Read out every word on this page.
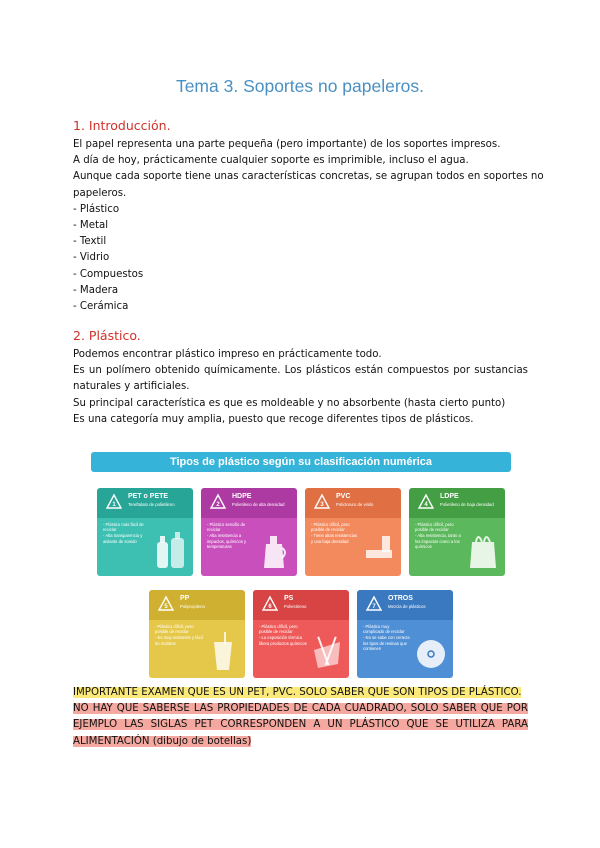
Tema 3. Soportes no papeleros.
1. Introducción.
El papel representa una parte pequeña (pero importante) de los soportes impresos.
A día de hoy, prácticamente cualquier soporte es imprimible, incluso el agua.
Aunque cada soporte tiene unas características concretas, se agrupan todos en soportes no
papeleros.
- Plástico
- Metal
- Textil
- Vidrio
- Compuestos
- Madera
- Cerámica
2. Plástico.
Podemos encontrar plástico impreso en prácticamente todo.
Es un polímero obtenido químicamente. Los plásticos están compuestos por sustancias naturales y artificiales.
Su principal característica es que es moldeable y no absorbente (hasta cierto punto)
Es una categoría muy amplia, puesto que recoge diferentes tipos de plásticos.
Tipos de plástico según su clasificación numérica
1
PET o PETE
Tereftalato de polietileno
- Plástico más fácil de reciclar
- Alta transparencia y aislante de sonido
2
HDPE
Polietileno de alta densidad
- Plástico sencillo de reciclar
- Alta resistencia a impactos, químicos y temperaturas
3
PVC
Policloruro de vinilo
- Plástico difícil, pero posible de reciclar
- Tiene altas resistencias y una baja densidad
4
LDPE
Polietileno de baja densidad
- Plástico difícil, pero posible de reciclar
- Alta resistencia, tanto a los impactos como a los químicos
5
PP
Polipropileno
- Plástico difícil, pero posible de reciclar
- Es muy resistente y fácil de moldear
6
PS
Poliestireno
- Plástico difícil, pero posible de reciclar
- La exposición térmica libera productos químicos
7
OTROS
Mezcla de plásticos
- Plástico muy complicado de reciclar
- No se sabe con certeza los tipos de resinas que contienen
IMPORTANTE EXAMEN QUE ES UN PET, PVC. SOLO SABER QUE SON TIPOS DE PLÁSTICO.
NO HAY QUE SABERSE LAS PROPIEDADES DE CADA CUADRADO, SOLO SABER QUE POR
EJEMPLO LAS SIGLAS PET CORRESPONDEN A UN PLÁSTICO QUE SE UTILIZA PARA
ALIMENTACIÓN (dibujo de botellas)
